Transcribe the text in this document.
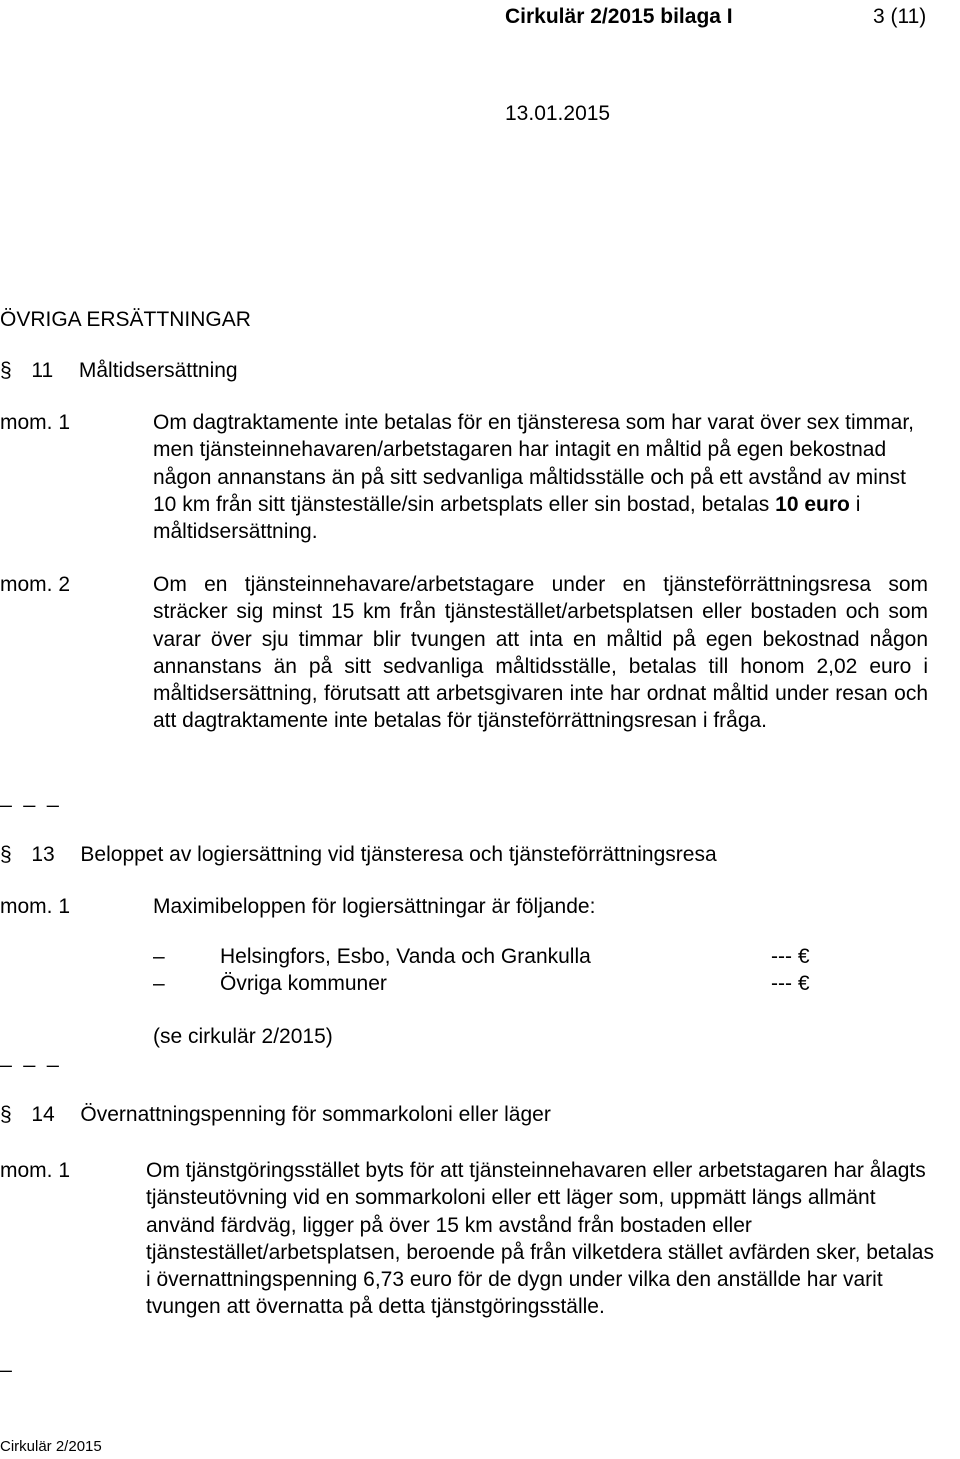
Cirkulär 2/2015 bilaga I	3 (11)
13.01.2015
ÖVRIGA ERSÄTTNINGAR
§ 11 Måltidsersättning
mom. 1	Om dagtraktamente inte betalas för en tjänsteresa som har varat över sex timmar, men tjänsteinnehavaren/arbetstagaren har intagit en måltid på egen bekostnad någon annanstans än på sitt sedvanliga måltidsställe och på ett avstånd av minst 10 km från sitt tjänsteställe/sin arbetsplats eller sin bostad, betalas 10 euro i måltidsersättning.
mom. 2	Om en tjänsteinnehavare/arbetstagare under en tjänsteförrättningsresa som sträcker sig minst 15 km från tjänstestället/arbetsplatsen eller bostaden och som varar över sju timmar blir tvungen att inta en måltid på egen bekostnad någon annanstans än på sitt sedvanliga måltidsställe, betalas till honom 2,02 euro i måltidsersättning, förutsatt att arbetsgivaren inte har ordnat måltid under resan och att dagtraktamente inte betalas för tjänsteförrättningsresan i fråga.
_ _ _
§ 13 Beloppet av logiersättning vid tjänsteresa och tjänsteförrättningsresa
mom. 1	Maximibeloppen för logiersättningar är följande:
–	Helsingfors, Esbo, Vanda och Grankulla	--- €
–	Övriga kommuner	--- €
(se cirkulär 2/2015)
_ _ _
§ 14 Övernattningspenning för sommarkoloni eller läger
mom. 1	Om tjänstgöringsstället byts för att tjänsteinnehavaren eller arbetstagaren har ålagts tjänsteutövning vid en sommarkoloni eller ett läger som, uppmätt längs allmänt använd färdväg, ligger på över 15 km avstånd från bostaden eller tjänstestället/arbetsplatsen, beroende på från vilketdera stället avfärden sker, betalas i övernattningspenning 6,73 euro för de dygn under vilka den anställde har varit tvungen att övernatta på detta tjänstgöringsställe.
_
Cirkulär 2/2015
